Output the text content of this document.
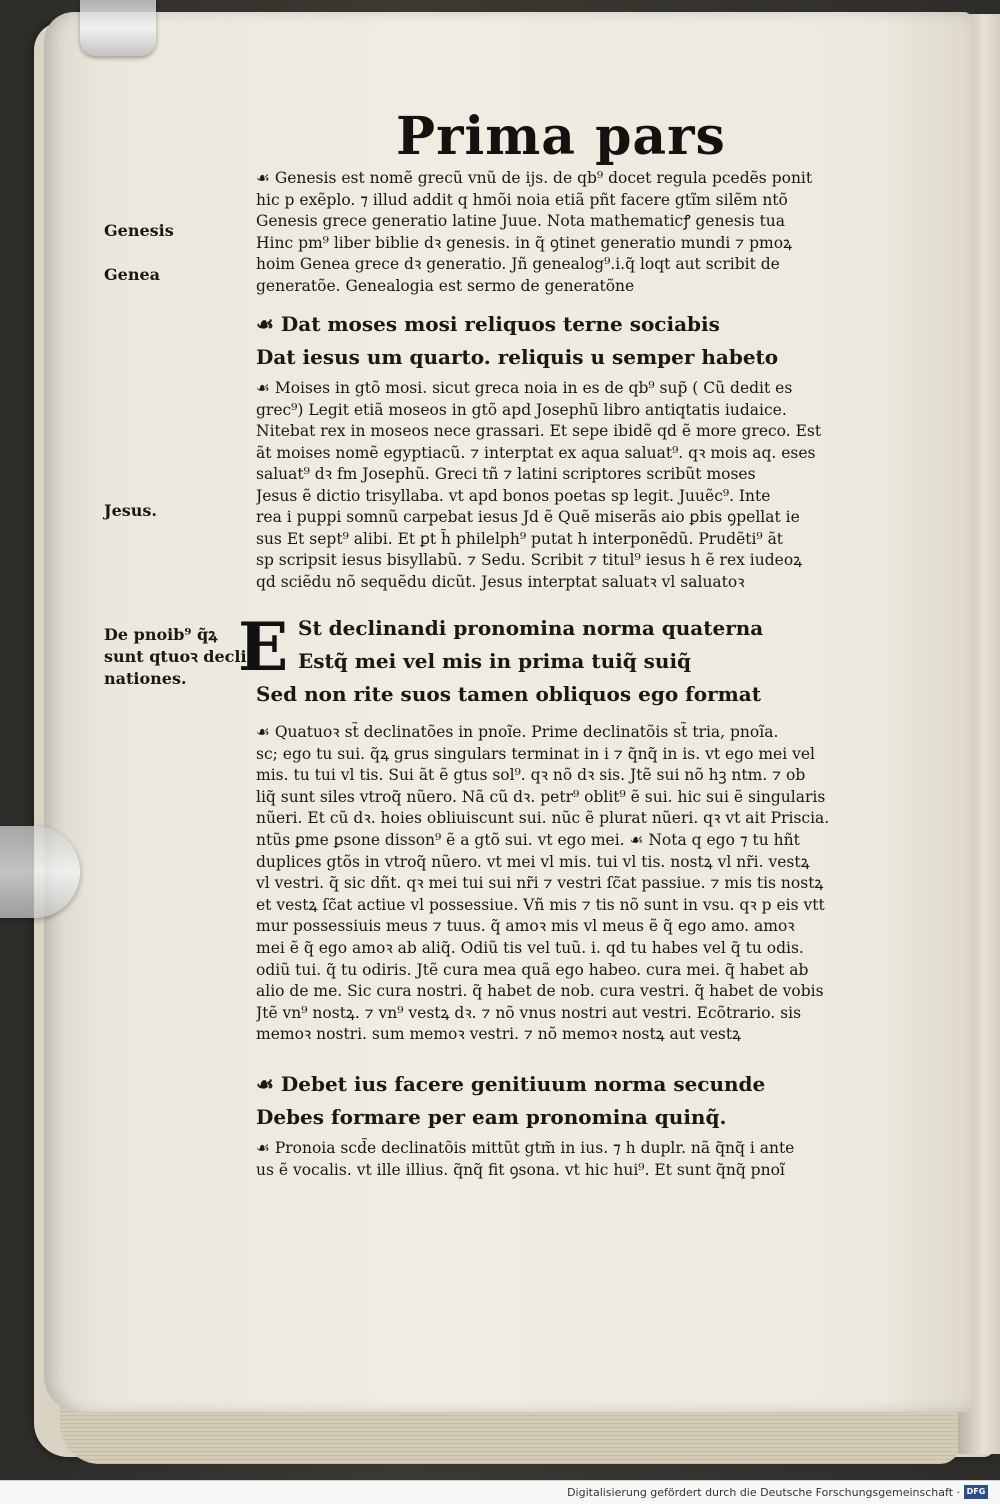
Prima pars
Genesis
Genea
Jesus.
De pnoib⁹ q̃ꝝ
sunt qtuoꝛ decli
nationes.
☙ Genesis est nomẽ grecũ vnũ de ijs. de qb⁹ docet regula pcedẽs ponit
hic p exẽplo. ⁊ illud addit q hmõi noia etiã pñt facere gtĩm silẽm ntõ
Genesis grece generatio latine Juue. Nota mathematicꝭ genesis tua
Hinc pm⁹ liber biblie dꝛ genesis. in q̃ ꝯtinet generatio mundi ⁊ pmoꝝ
hoim Genea grece dꝛ generatio. Jñ genealog⁹.i.q̃ loqt aut scribit de
generatõe. Genealogia est sermo de generatõne
☙ Dat moses mosi reliquos terne sociabis
Dat iesus um quarto. reliquis u semper habeto
☙ Moises in gtõ mosi. sicut greca noia in es de qb⁹ sup̃ ( Cũ dedit es
grec⁹) Legit etiã moseos in gtõ apd Josephũ libro antiqtatis iudaice.
Nitebat rex in moseos nece grassari. Et sepe ibidẽ qd ẽ more greco. Est
ãt moises nomẽ egyptiacũ. ⁊ interptat ex aqua saluat⁹. qꝛ mois aq. eses
saluat⁹ dꝛ fm Josephũ. Greci tñ ⁊ latini scriptores scribũt moses
Jesus ẽ dictio trisyllaba. vt apd bonos poetas sp legit. Juuẽc⁹. Inte
rea i puppi somnũ carpebat iesus Jd ẽ Quẽ miserãs aio ꝑbis ꝯpellat ie
sus Et sept⁹ alibi. Et ꝑt h̃ philelph⁹ putat h interponẽdũ. Prudẽti⁹ ãt
sp scripsit iesus bisyllabũ. ⁊ Sedu. Scribit ⁊ titul⁹ iesus h ẽ rex iudeoꝝ
qd sciẽdu nõ sequẽdu dicũt. Jesus interptat saluatꝛ vl saluatoꝛ
E St declinandi pronomina norma quaterna
Estq̃ mei vel mis in prima tuiq̃ suiq̃
Sed non rite suos tamen obliquos ego format
☙ Quatuoꝛ st̃ declinatões in pnoĩe. Prime declinatõis st̃ tria, pnoĩa.
sc; ego tu sui. q̃ꝝ grus singulars terminat in i ⁊ q̃nq̃ in is. vt ego mei vel
mis. tu tui vl tis. Sui ãt ẽ gtus sol⁹. qꝛ nõ dꝛ sis. Jtẽ sui nõ hꝫ ntm. ⁊ ob
liq̃ sunt siles vtroq̃ nũero. Nã cũ dꝛ. petr⁹ oblit⁹ ẽ sui. hic sui ẽ singularis
nũeri. Et cũ dꝛ. hoies obliuiscunt sui. nũc ẽ plurat nũeri. qꝛ vt ait Priscia.
ntũs ꝑme ꝑsone disson⁹ ẽ a gtõ sui. vt ego mei. ☙ Nota q ego ⁊ tu hñt
duplices gtõs in vtroq̃ nũero. vt mei vl mis. tui vl tis. nostꝝ vl nr̃i. vestꝝ
vl vestri. q̃ sic dñt. qꝛ mei tui sui nr̃i ⁊ vestri ſc̃at passiue. ⁊ mis tis nostꝝ
et vestꝝ ſc̃at actiue vl possessiue. Vñ mis ⁊ tis nõ sunt in vsu. qꝛ p eis vtt
mur possessiuis meus ⁊ tuus. q̃ amoꝛ mis vl meus ẽ q̃ ego amo. amoꝛ
mei ẽ q̃ ego amoꝛ ab aliq̃. Odiũ tis vel tuũ. i. qd tu habes vel q̃ tu odis.
odiũ tui. q̃ tu odiris. Jtẽ cura mea quã ego habeo. cura mei. q̃ habet ab
alio de me. Sic cura nostri. q̃ habet de nob. cura vestri. q̃ habet de vobis
Jtẽ vn⁹ nostꝝ. ⁊ vn⁹ vestꝝ dꝛ. ⁊ nõ vnus nostri aut vestri. Ecõtrario. sis
memoꝛ nostri. sum memoꝛ vestri. ⁊ nõ memoꝛ nostꝝ aut vestꝝ
☙ Debet ius facere genitiuum norma secunde
Debes formare per eam pronomina quinq̃.
☙ Pronoia scd̃e declinatõis mittũt gtm̃ in ius. ⁊ h duplr. nã q̃nq̃ i ante
us ẽ vocalis. vt ille illius. q̃nq̃ fit ꝯsona. vt hic hui⁹. Et sunt q̃nq̃ pnoĩ
Digitalisierung gefördert durch die Deutsche Forschungsgemeinschaft · DFG
